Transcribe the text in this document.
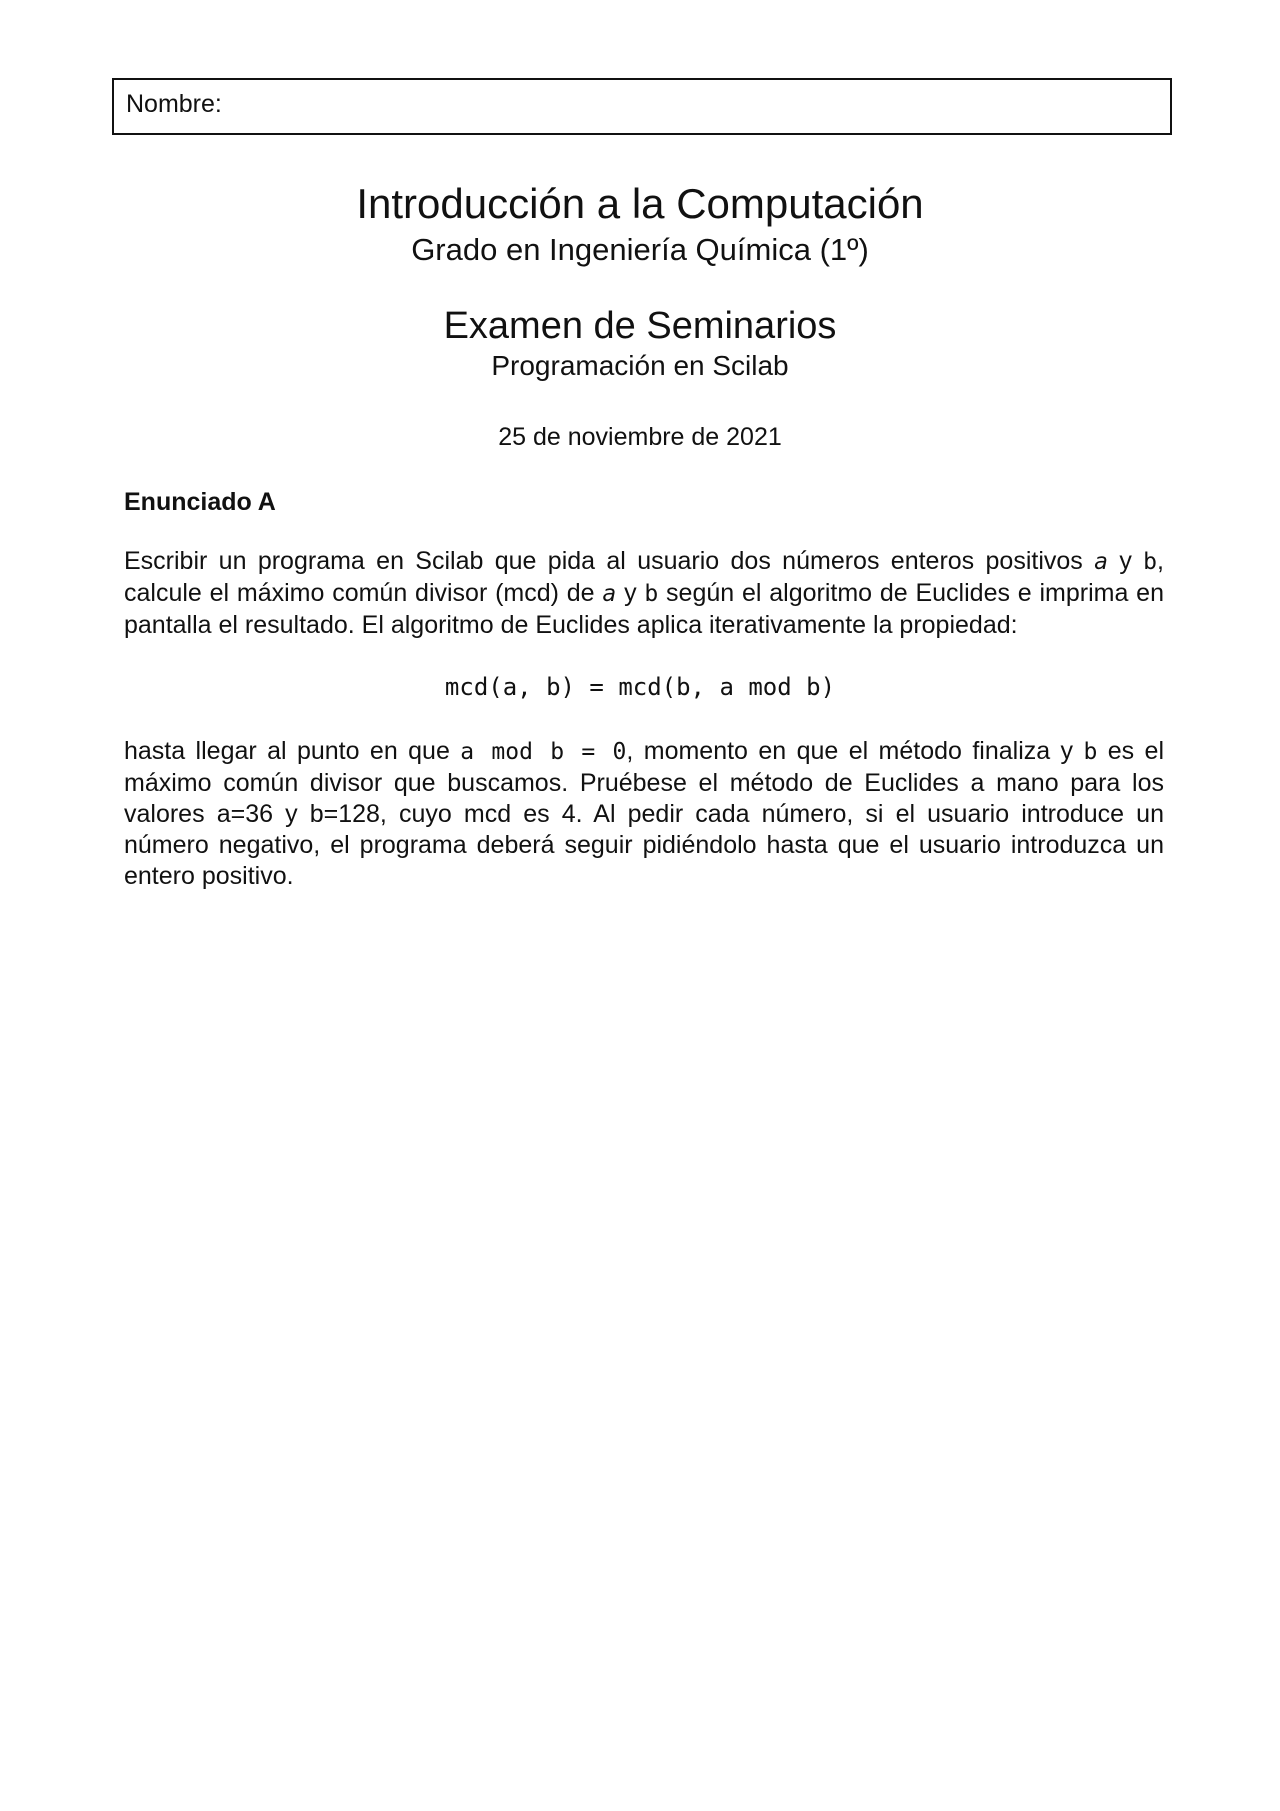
Nombre:
Introducción a la Computación
Grado en Ingeniería Química (1º)
Examen de Seminarios
Programación en Scilab
25 de noviembre de 2021
Enunciado A
Escribir un programa en Scilab que pida al usuario dos números enteros positivos a y b, calcule el máximo común divisor (mcd) de a y b según el algoritmo de Euclides e imprima en pantalla el resultado. El algoritmo de Euclides aplica iterativamente la propiedad:
mcd(a, b) = mcd(b, a mod b)
hasta llegar al punto en que a mod b = 0, momento en que el método finaliza y b es el máximo común divisor que buscamos. Pruébese el método de Euclides a mano para los valores a=36 y b=128, cuyo mcd es 4. Al pedir cada número, si el usuario introduce un número negativo, el programa deberá seguir pidiéndolo hasta que el usuario introduzca un entero positivo.
